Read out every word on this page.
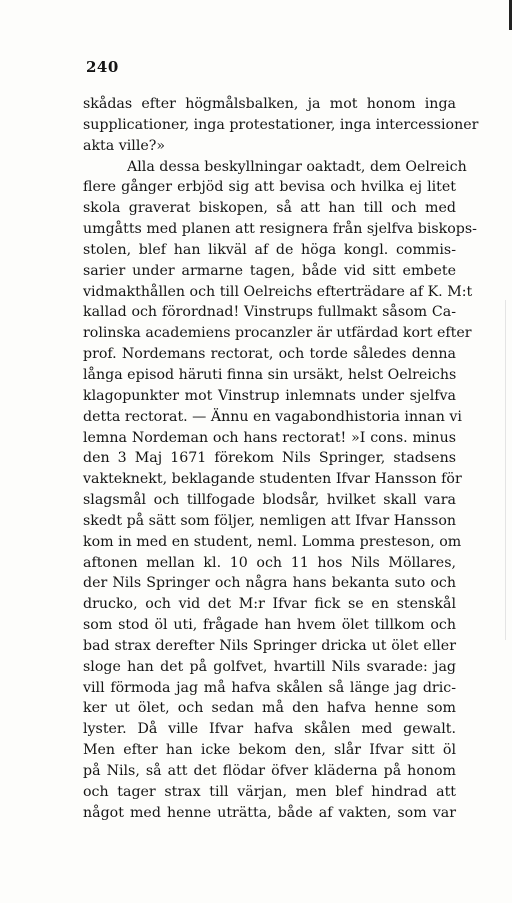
240
skådas efter högmålsbalken, ja mot honom inga
supplicationer, inga protestationer, inga intercessioner
akta ville?»
Alla dessa beskyllningar oaktadt, dem Oelreich
flere gånger erbjöd sig att bevisa och hvilka ej litet
skola graverat biskopen, så att han till och med
umgåtts med planen att resignera från sjelfva biskops-
stolen, blef han likväl af de höga kongl. commis-
sarier under armarne tagen, både vid sitt embete
vidmakthållen och till Oelreichs efterträdare af K. M:t
kallad och förordnad! Vinstrups fullmakt såsom Ca-
rolinska academiens procanzler är utfärdad kort efter
prof. Nordemans rectorat, och torde således denna
långa episod häruti finna sin ursäkt, helst Oelreichs
klagopunkter mot Vinstrup inlemnats under sjelfva
detta rectorat. — Ännu en vagabondhistoria innan vi
lemna Nordeman och hans rectorat! »I cons. minus
den 3 Maj 1671 förekom Nils Springer, stadsens
vakteknekt, beklagande studenten Ifvar Hansson för
slagsmål och tillfogade blodsår, hvilket skall vara
skedt på sätt som följer, nemligen att Ifvar Hansson
kom in med en student, neml. Lomma presteson, om
aftonen mellan kl. 10 och 11 hos Nils Möllares,
der Nils Springer och några hans bekanta suto och
drucko, och vid det M:r Ifvar fick se en stenskål
som stod öl uti, frågade han hvem ölet tillkom och
bad strax derefter Nils Springer dricka ut ölet eller
sloge han det på golfvet, hvartill Nils svarade: jag
vill förmoda jag må hafva skålen så länge jag dric-
ker ut ölet, och sedan må den hafva henne som
lyster. Då ville Ifvar hafva skålen med gewalt.
Men efter han icke bekom den, slår Ifvar sitt öl
på Nils, så att det flödar öfver kläderna på honom
och tager strax till värjan, men blef hindrad att
något med henne uträtta, både af vakten, som var
